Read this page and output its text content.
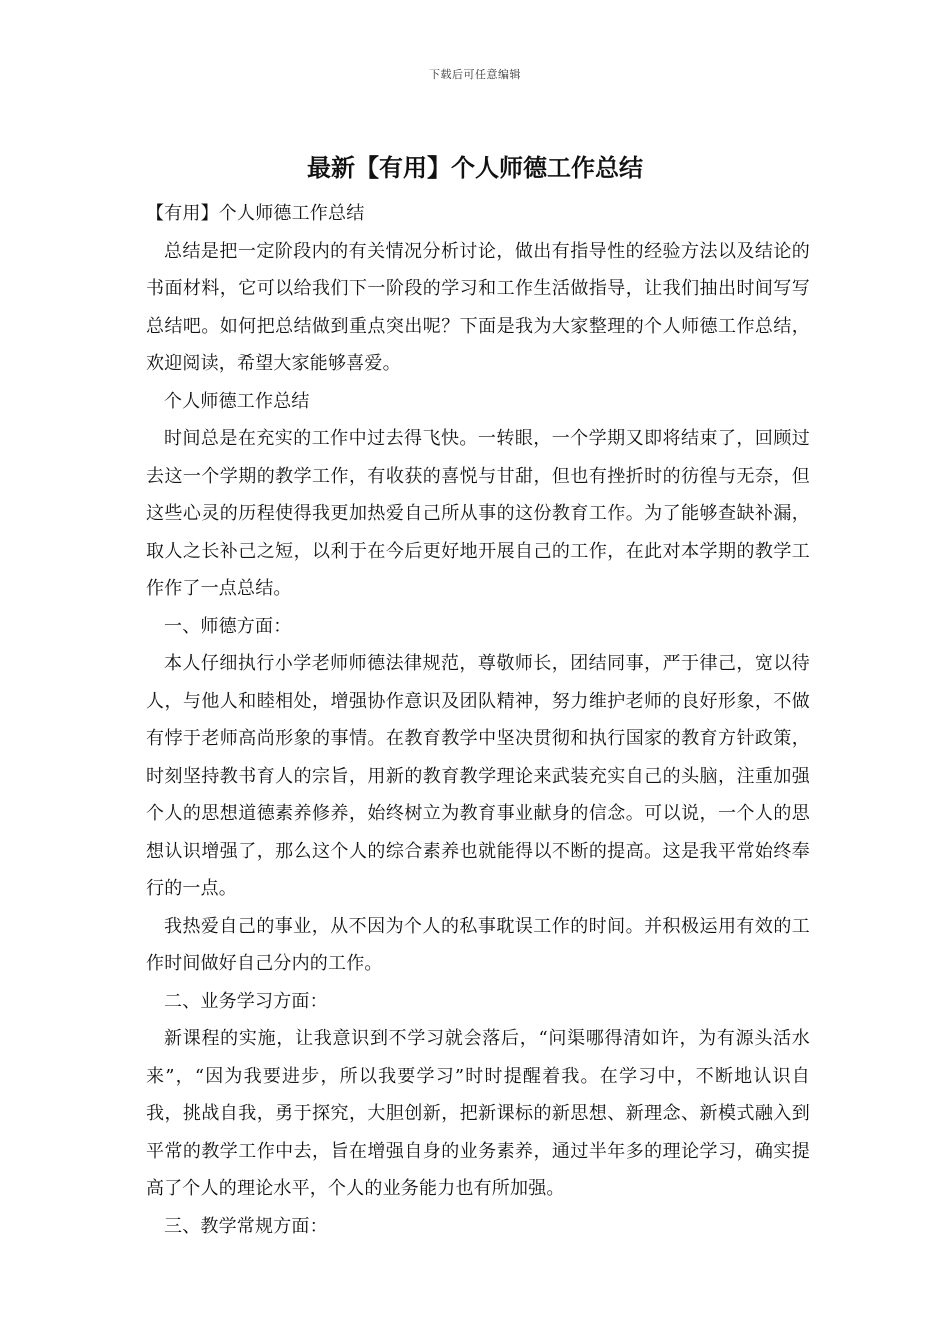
下载后可任意编辑
最新【有用】个人师德工作总结

【有用】个人师德工作总结

总结是把一定阶段内的有关情况分析讨论，做出有指导性的经验方法以及结论的书面材料，它可以给我们下一阶段的学习和工作生活做指导，让我们抽出时间写写总结吧。如何把总结做到重点突出呢？下面是我为大家整理的个人师德工作总结，欢迎阅读，希望大家能够喜爱。

个人师德工作总结

时间总是在充实的工作中过去得飞快。一转眼，一个学期又即将结束了，回顾过去这一个学期的教学工作，有收获的喜悦与甘甜，但也有挫折时的彷徨与无奈，但这些心灵的历程使得我更加热爱自己所从事的这份教育工作。为了能够查缺补漏，取人之长补己之短，以利于在今后更好地开展自己的工作，在此对本学期的教学工作作了一点总结。

一、师德方面：

本人仔细执行小学老师师德法律规范，尊敬师长，团结同事，严于律己，宽以待人，与他人和睦相处，增强协作意识及团队精神，努力维护老师的良好形象，不做有悖于老师高尚形象的事情。在教育教学中坚决贯彻和执行国家的教育方针政策，时刻坚持教书育人的宗旨，用新的教育教学理论来武装充实自己的头脑，注重加强个人的思想道德素养修养，始终树立为教育事业献身的信念。可以说，一个人的思想认识增强了，那么这个人的综合素养也就能得以不断的提高。这是我平常始终奉行的一点。

我热爱自己的事业，从不因为个人的私事耽误工作的时间。并积极运用有效的工作时间做好自己分内的工作。

二、业务学习方面：

新课程的实施，让我意识到不学习就会落后，“问渠哪得清如许，为有源头活水来”，“因为我要进步，所以我要学习”时时提醒着我。在学习中，不断地认识自我，挑战自我，勇于探究，大胆创新，把新课标的新思想、新理念、新模式融入到平常的教学工作中去，旨在增强自身的业务素养，通过半年多的理论学习，确实提高了个人的理论水平，个人的业务能力也有所加强。

三、教学常规方面：
